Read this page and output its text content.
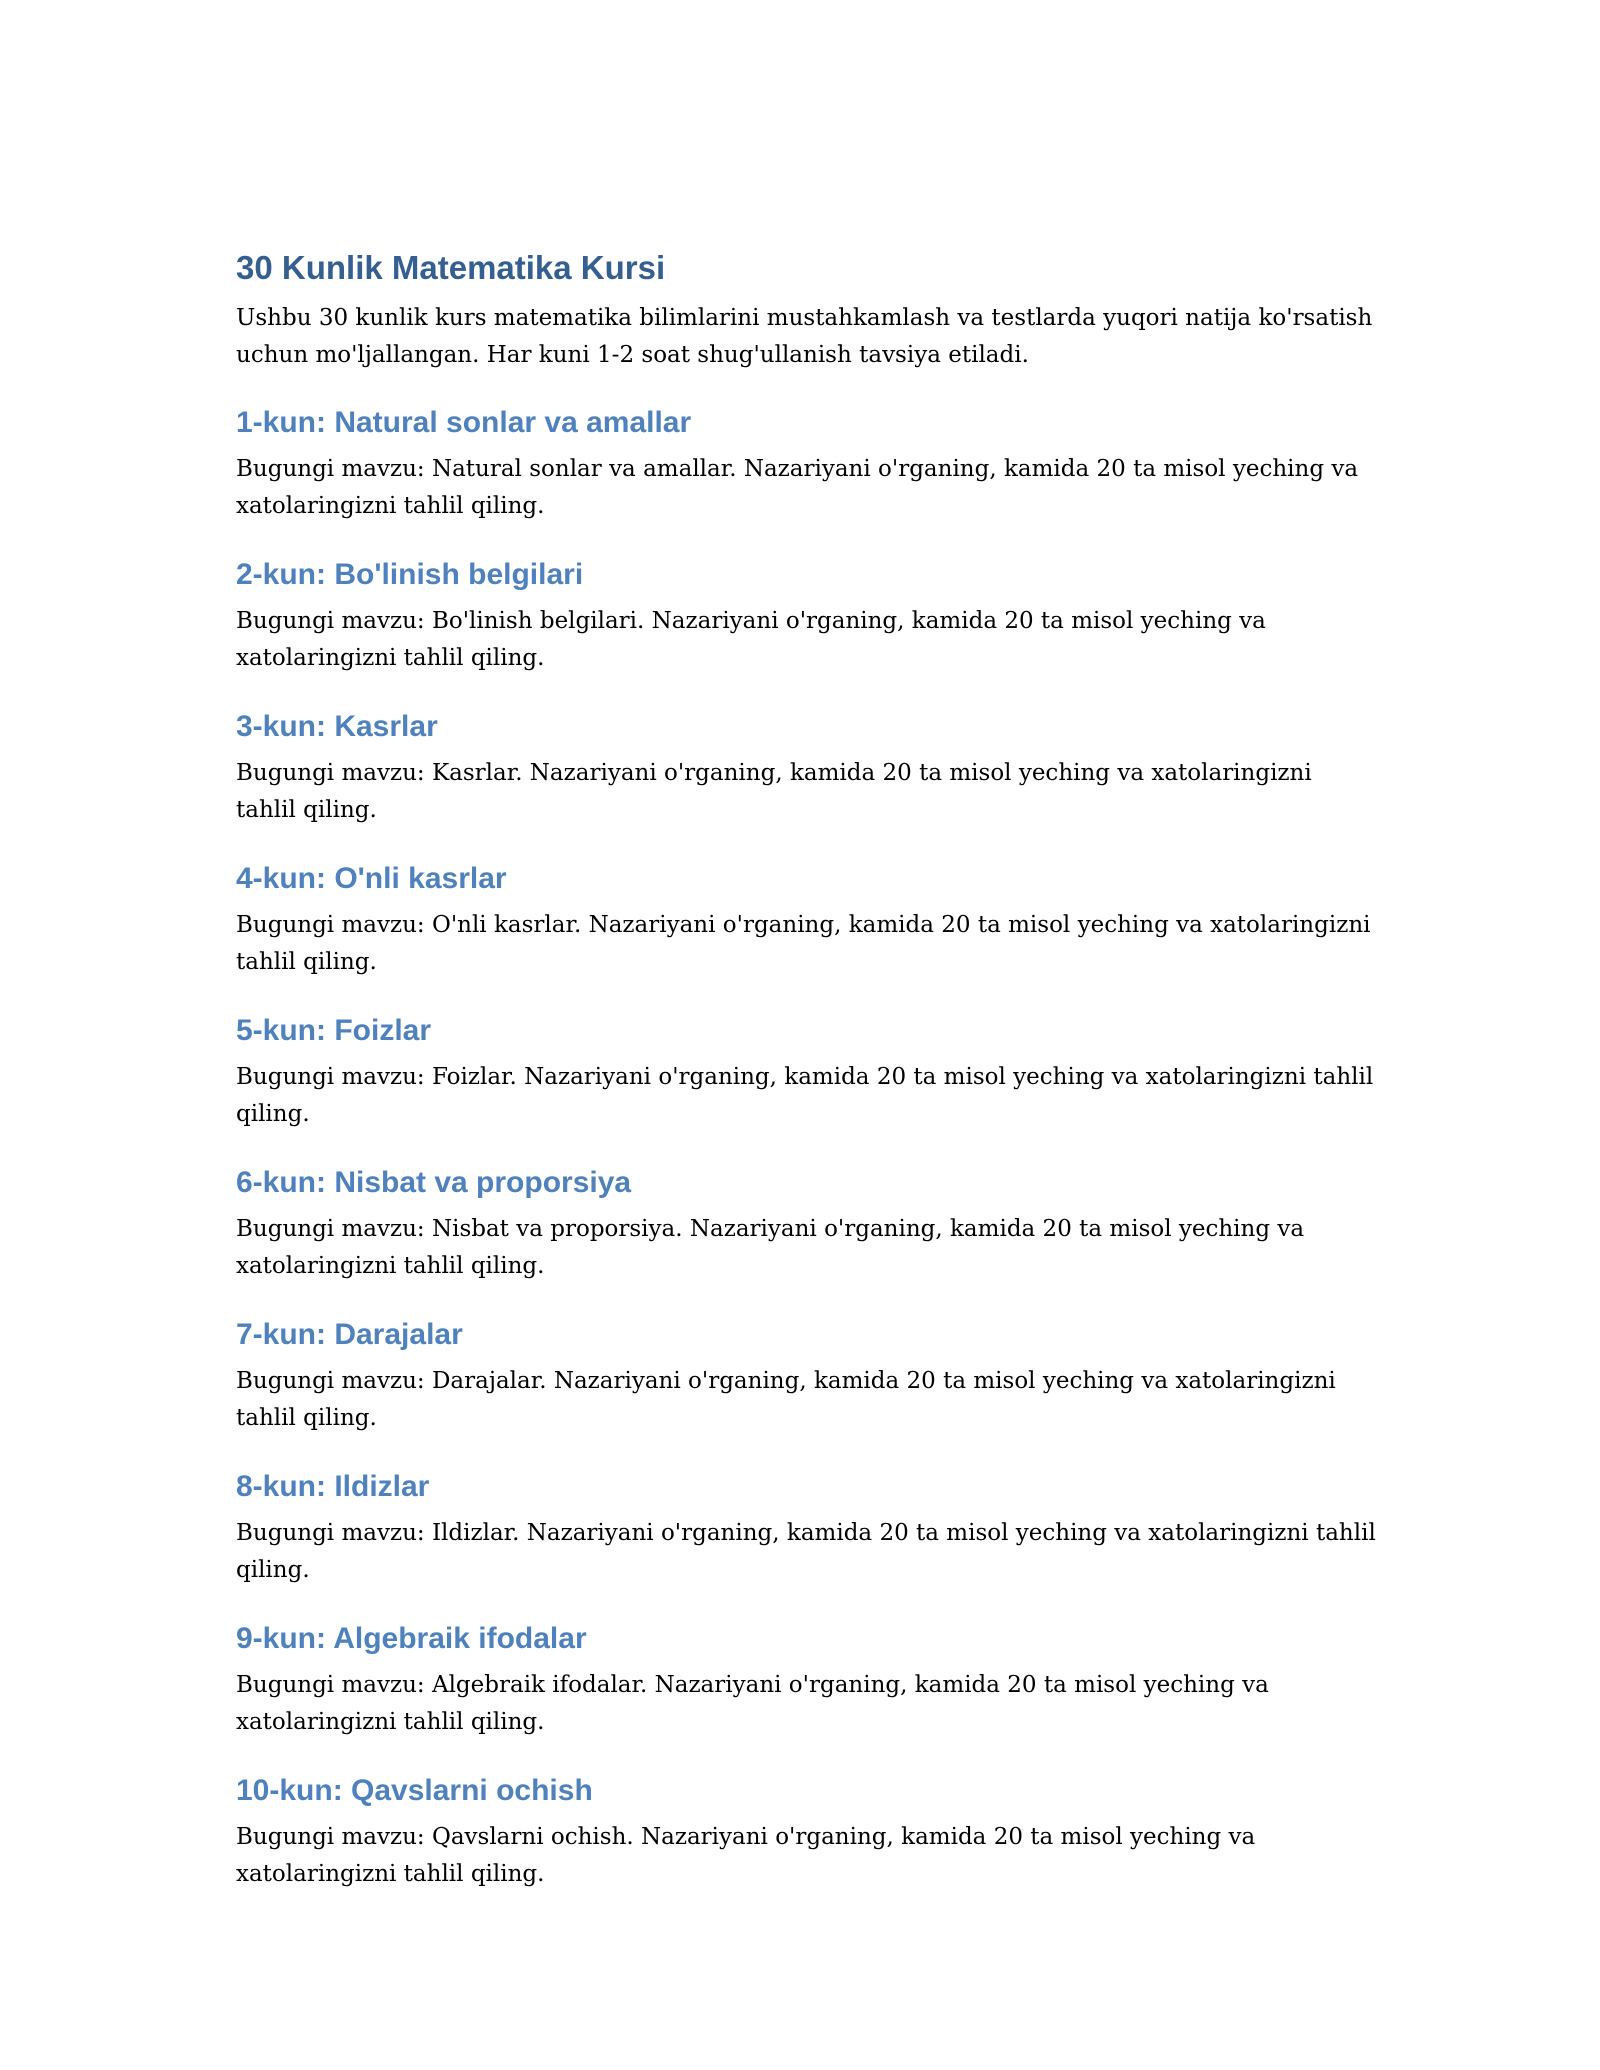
30 Kunlik Matematika Kursi

Ushbu 30 kunlik kurs matematika bilimlarini mustahkamlash va testlarda yuqori natija ko'rsatish uchun mo'ljallangan. Har kuni 1-2 soat shug'ullanish tavsiya etiladi.

1-kun: Natural sonlar va amallar

Bugungi mavzu: Natural sonlar va amallar. Nazariyani o'rganing, kamida 20 ta misol yeching va xatolaringizni tahlil qiling.

2-kun: Bo'linish belgilari

Bugungi mavzu: Bo'linish belgilari. Nazariyani o'rganing, kamida 20 ta misol yeching va xatolaringizni tahlil qiling.

3-kun: Kasrlar

Bugungi mavzu: Kasrlar. Nazariyani o'rganing, kamida 20 ta misol yeching va xatolaringizni tahlil qiling.

4-kun: O'nli kasrlar

Bugungi mavzu: O'nli kasrlar. Nazariyani o'rganing, kamida 20 ta misol yeching va xatolaringizni tahlil qiling.

5-kun: Foizlar

Bugungi mavzu: Foizlar. Nazariyani o'rganing, kamida 20 ta misol yeching va xatolaringizni tahlil qiling.

6-kun: Nisbat va proporsiya

Bugungi mavzu: Nisbat va proporsiya. Nazariyani o'rganing, kamida 20 ta misol yeching va xatolaringizni tahlil qiling.

7-kun: Darajalar

Bugungi mavzu: Darajalar. Nazariyani o'rganing, kamida 20 ta misol yeching va xatolaringizni tahlil qiling.

8-kun: Ildizlar

Bugungi mavzu: Ildizlar. Nazariyani o'rganing, kamida 20 ta misol yeching va xatolaringizni tahlil qiling.

9-kun: Algebraik ifodalar

Bugungi mavzu: Algebraik ifodalar. Nazariyani o'rganing, kamida 20 ta misol yeching va xatolaringizni tahlil qiling.

10-kun: Qavslarni ochish

Bugungi mavzu: Qavslarni ochish. Nazariyani o'rganing, kamida 20 ta misol yeching va xatolaringizni tahlil qiling.
